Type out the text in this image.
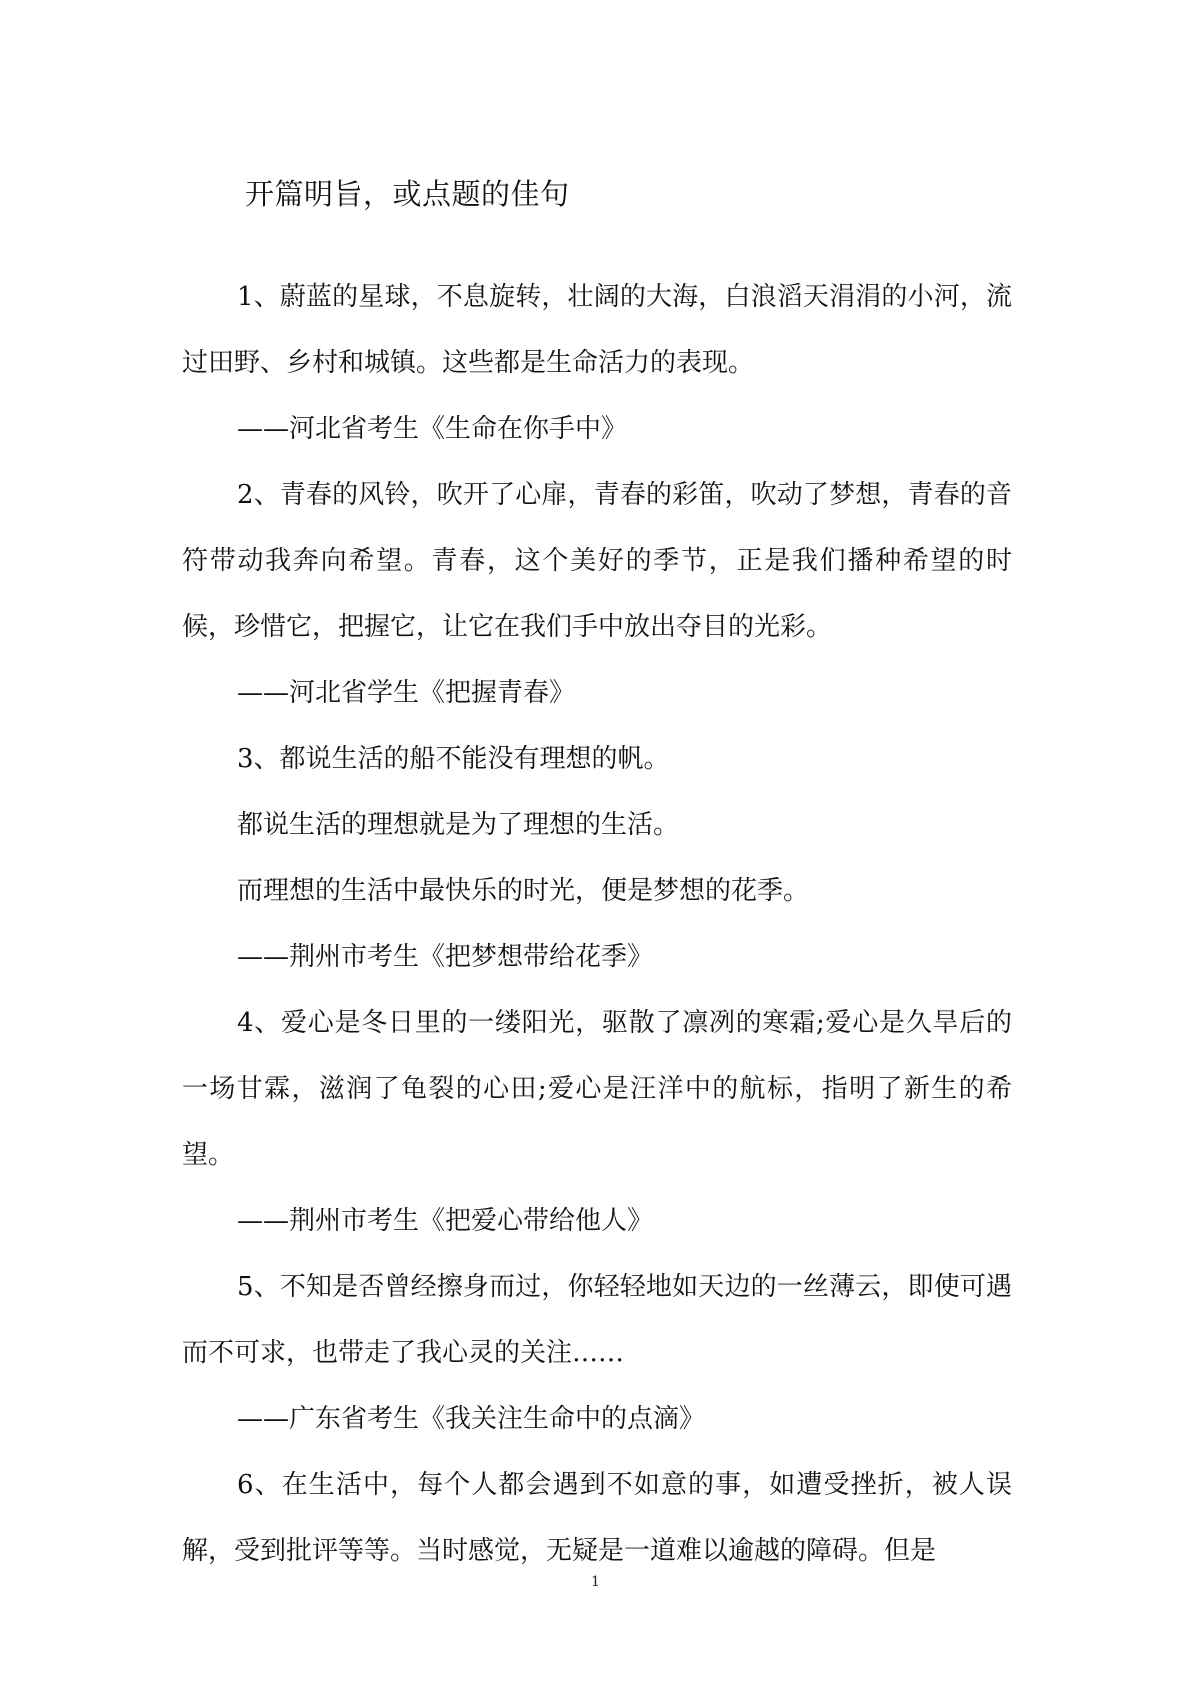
开篇明旨，或点题的佳句

1、蔚蓝的星球，不息旋转，壮阔的大海，白浪滔天涓涓的小河，流过田野、乡村和城镇。这些都是生命活力的表现。

——河北省考生《生命在你手中》

2、青春的风铃，吹开了心扉，青春的彩笛，吹动了梦想，青春的音符带动我奔向希望。青春，这个美好的季节，正是我们播种希望的时候，珍惜它，把握它，让它在我们手中放出夺目的光彩。

——河北省学生《把握青春》

3、都说生活的船不能没有理想的帆。

都说生活的理想就是为了理想的生活。

而理想的生活中最快乐的时光，便是梦想的花季。

——荆州市考生《把梦想带给花季》

4、爱心是冬日里的一缕阳光，驱散了凛冽的寒霜;爱心是久旱后的一场甘霖，滋润了龟裂的心田;爱心是汪洋中的航标，指明了新生的希望。

——荆州市考生《把爱心带给他人》

5、不知是否曾经擦身而过，你轻轻地如天边的一丝薄云，即使可遇而不可求，也带走了我心灵的关注……

——广东省考生《我关注生命中的点滴》

6、在生活中，每个人都会遇到不如意的事，如遭受挫折，被人误解，受到批评等等。当时感觉，无疑是一道难以逾越的障碍。但是

1
